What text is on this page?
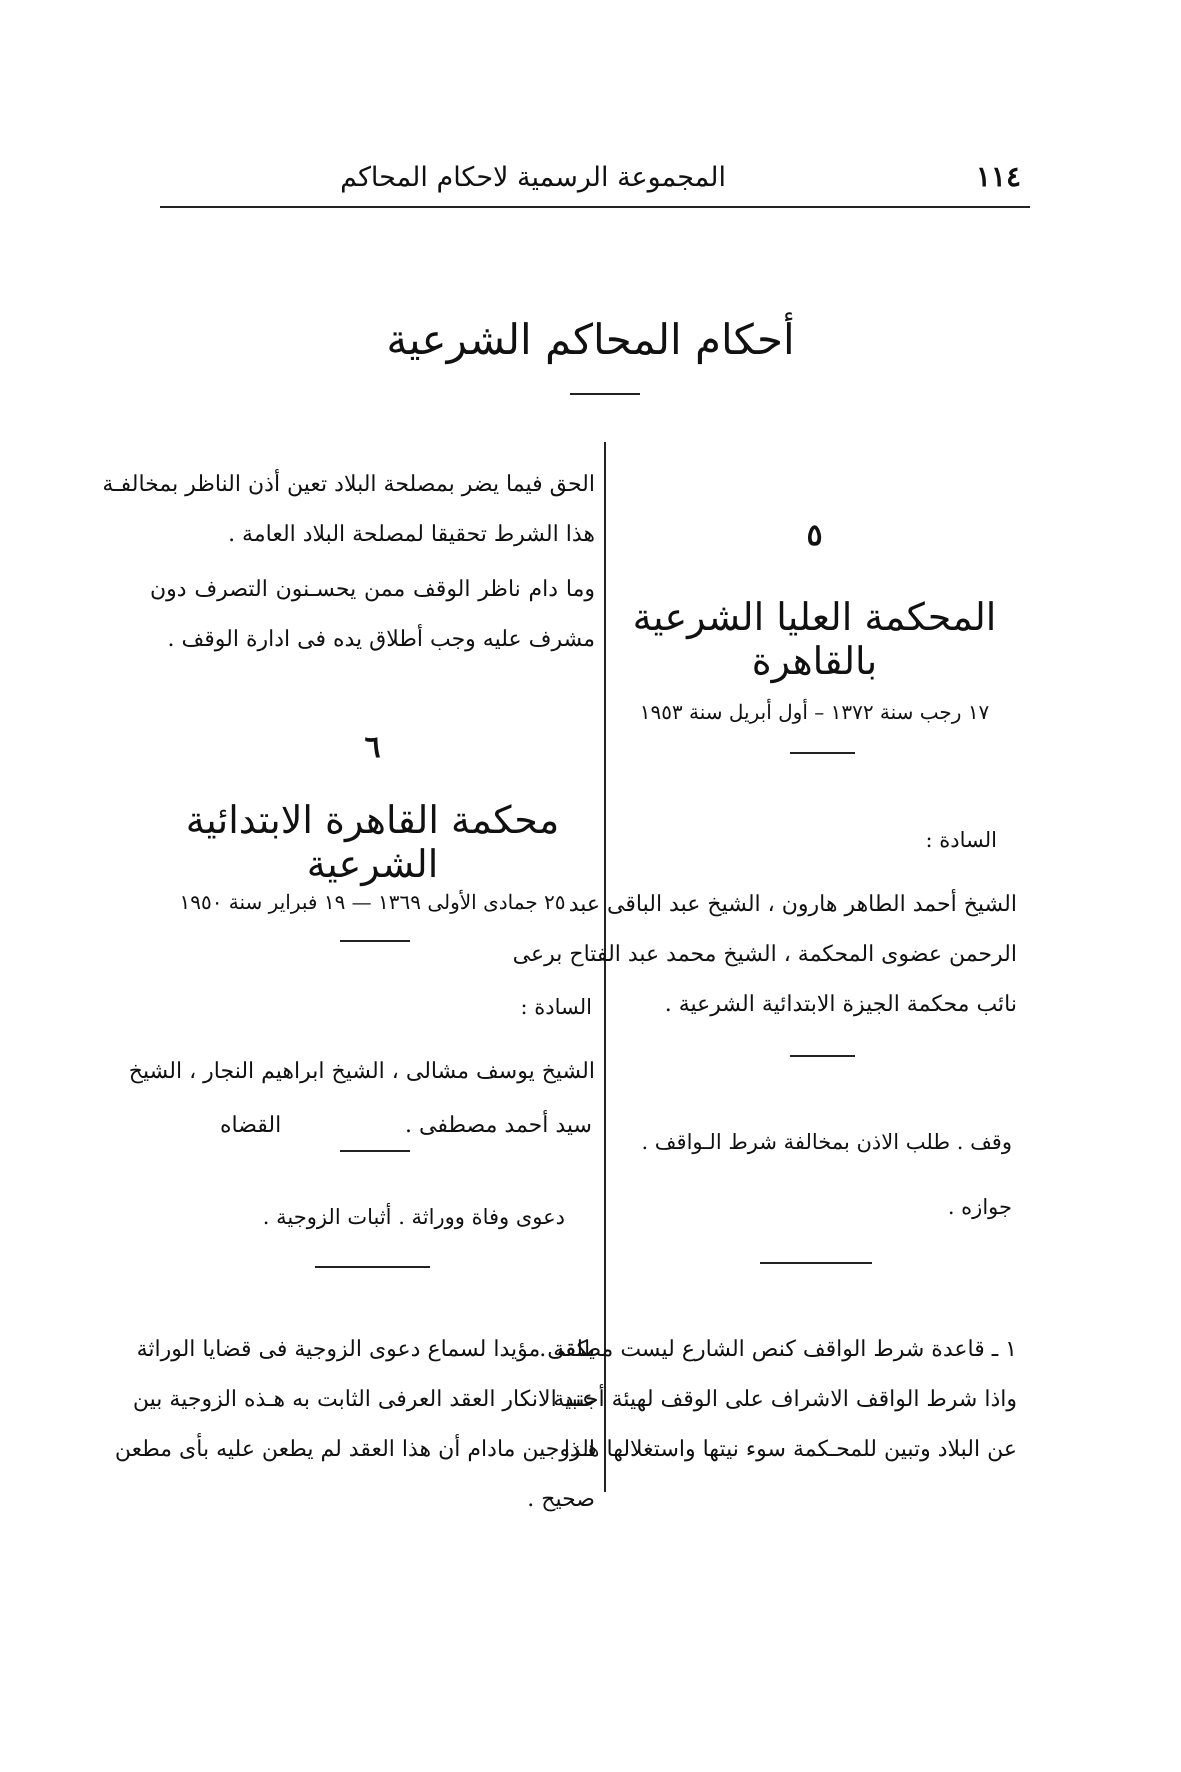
١١٤
المجموعة الرسمية لاحكام المحاكم
أحكام المحاكم الشرعية
٥
المحكمة العليا الشرعية بالقاهرة
١٧ رجب سنة ١٣٧٢ – أول أبريل سنة ١٩٥٣
السادة :
الشيخ أحمد الطاهر هارون ، الشيخ عبد الباقى عبد
الرحمن عضوى المحكمة ، الشيخ محمد عبد الفتاح برعى
نائب محكمة الجيزة الابتدائية الشرعية .
وقف . طلب الاذن بمخالفة شرط الـواقف .
جوازه .
١ ـ قاعدة شرط الواقف كنص الشارع ليست مطلقة .
واذا شرط الواقف الاشراف على الوقف لهيئة أجنبية
عن البلاد وتبين للمحـكمة سوء نيتها واستغلالها هـذا
الحق فيما يضر بمصلحة البلاد تعين أذن الناظر بمخالفـة
هذا الشرط تحقيقا لمصلحة البلاد العامة .
وما دام ناظر الوقف ممن يحسـنون التصرف دون
مشرف عليه وجب أطلاق يده فى ادارة الوقف .
٦
محكمة القاهرة الابتدائية الشرعية
٢٥ جمادى الأولى ١٣٦٩ — ١٩ فبراير سنة ١٩٥٠
السادة :
الشيخ يوسف مشالى ، الشيخ ابراهيم النجار ، الشيخ
سيد أحمد مصطفى .
القضاه
دعوى وفاة ووراثة . أثبات الزوجية .
يكفى مؤيدا لسماع دعوى الزوجية فى قضايا الوراثة
عند الانكار العقد العرفى الثابت به هـذه الزوجية بين
الزوجين مادام أن هذا العقد لم يطعن عليه بأى مطعن
صحيح .
